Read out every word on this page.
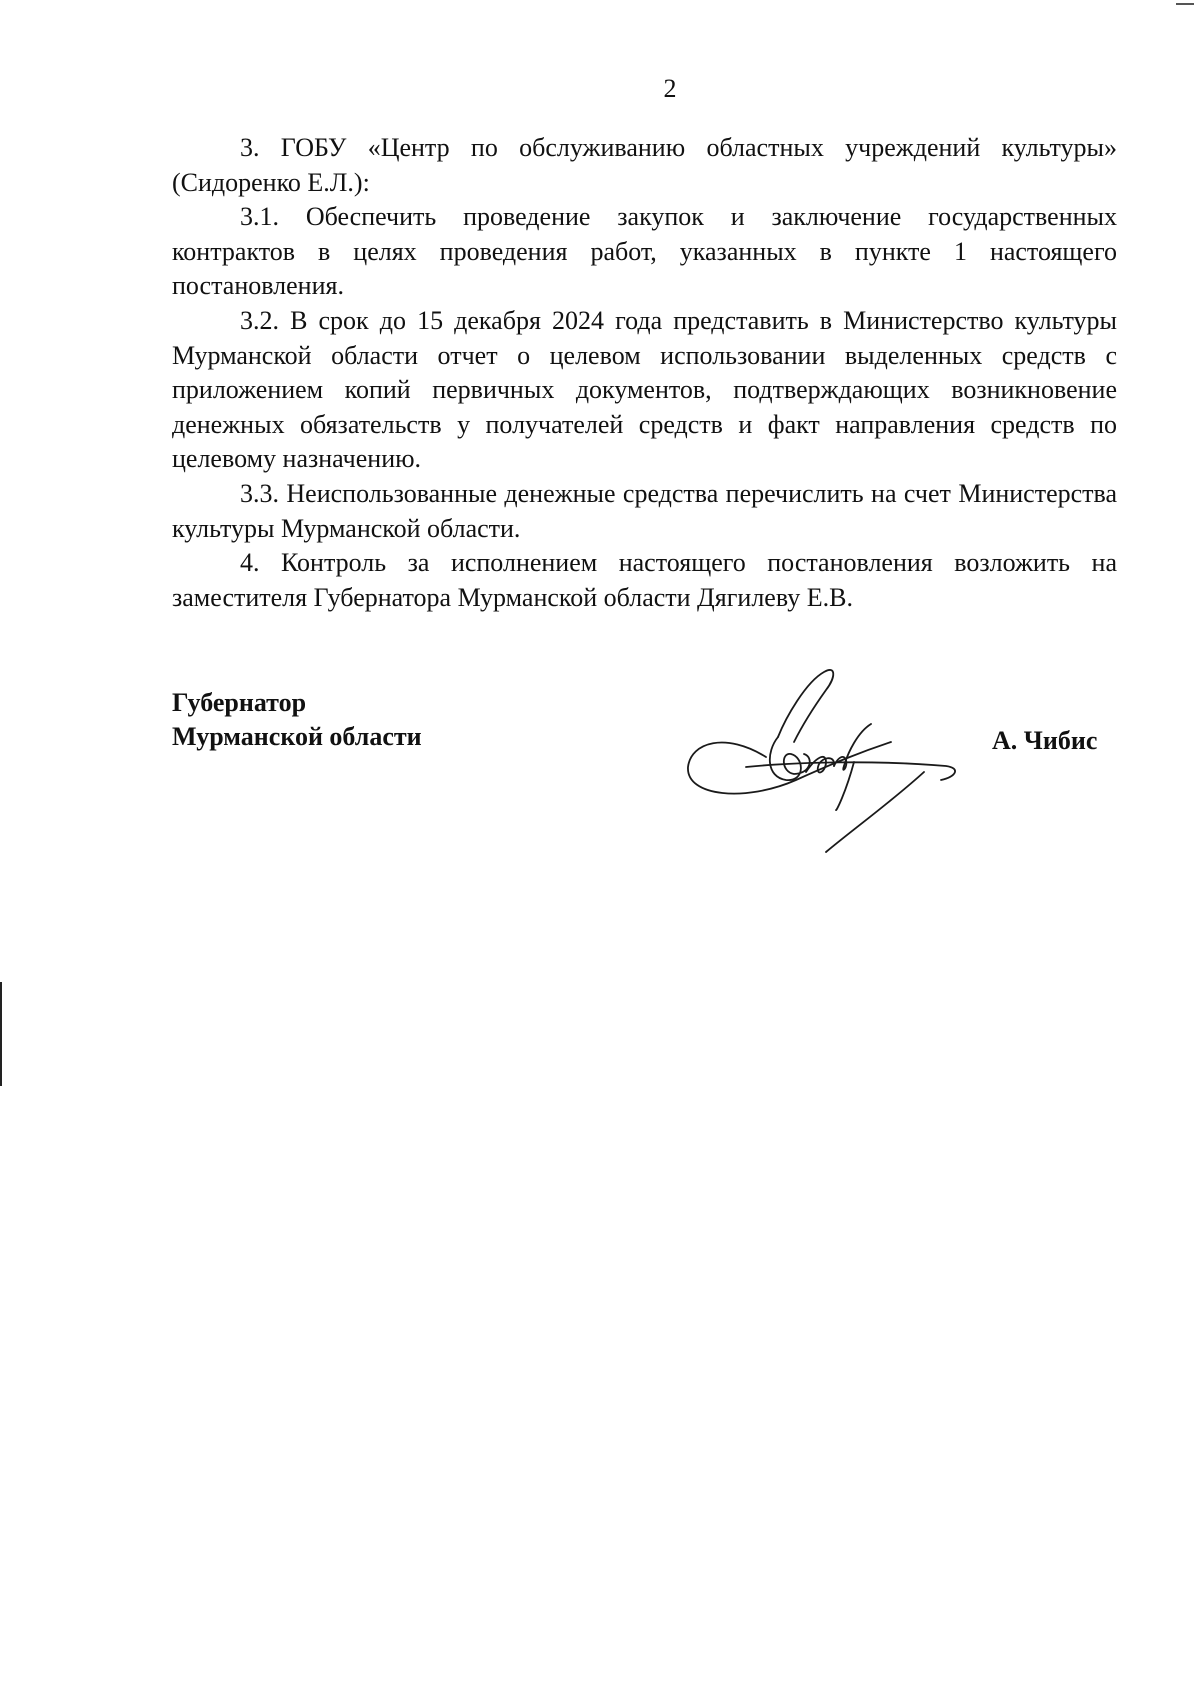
2

3. ГОБУ «Центр по обслуживанию областных учреждений культуры» (Сидоренко Е.Л.):

3.1. Обеспечить проведение закупок и заключение государственных контрактов в целях проведения работ, указанных в пункте 1 настоящего постановления.

3.2. В срок до 15 декабря 2024 года представить в Министерство культуры Мурманской области отчет о целевом использовании выделенных средств с приложением копий первичных документов, подтверждающих возникновение денежных обязательств у получателей средств и факт направления средств по целевому назначению.

3.3. Неиспользованные денежные средства перечислить на счет Министерства культуры Мурманской области.

4. Контроль за исполнением настоящего постановления возложить на заместителя Губернатора Мурманской области Дягилеву Е.В.

Губернатор
Мурманской области	А. Чибис
